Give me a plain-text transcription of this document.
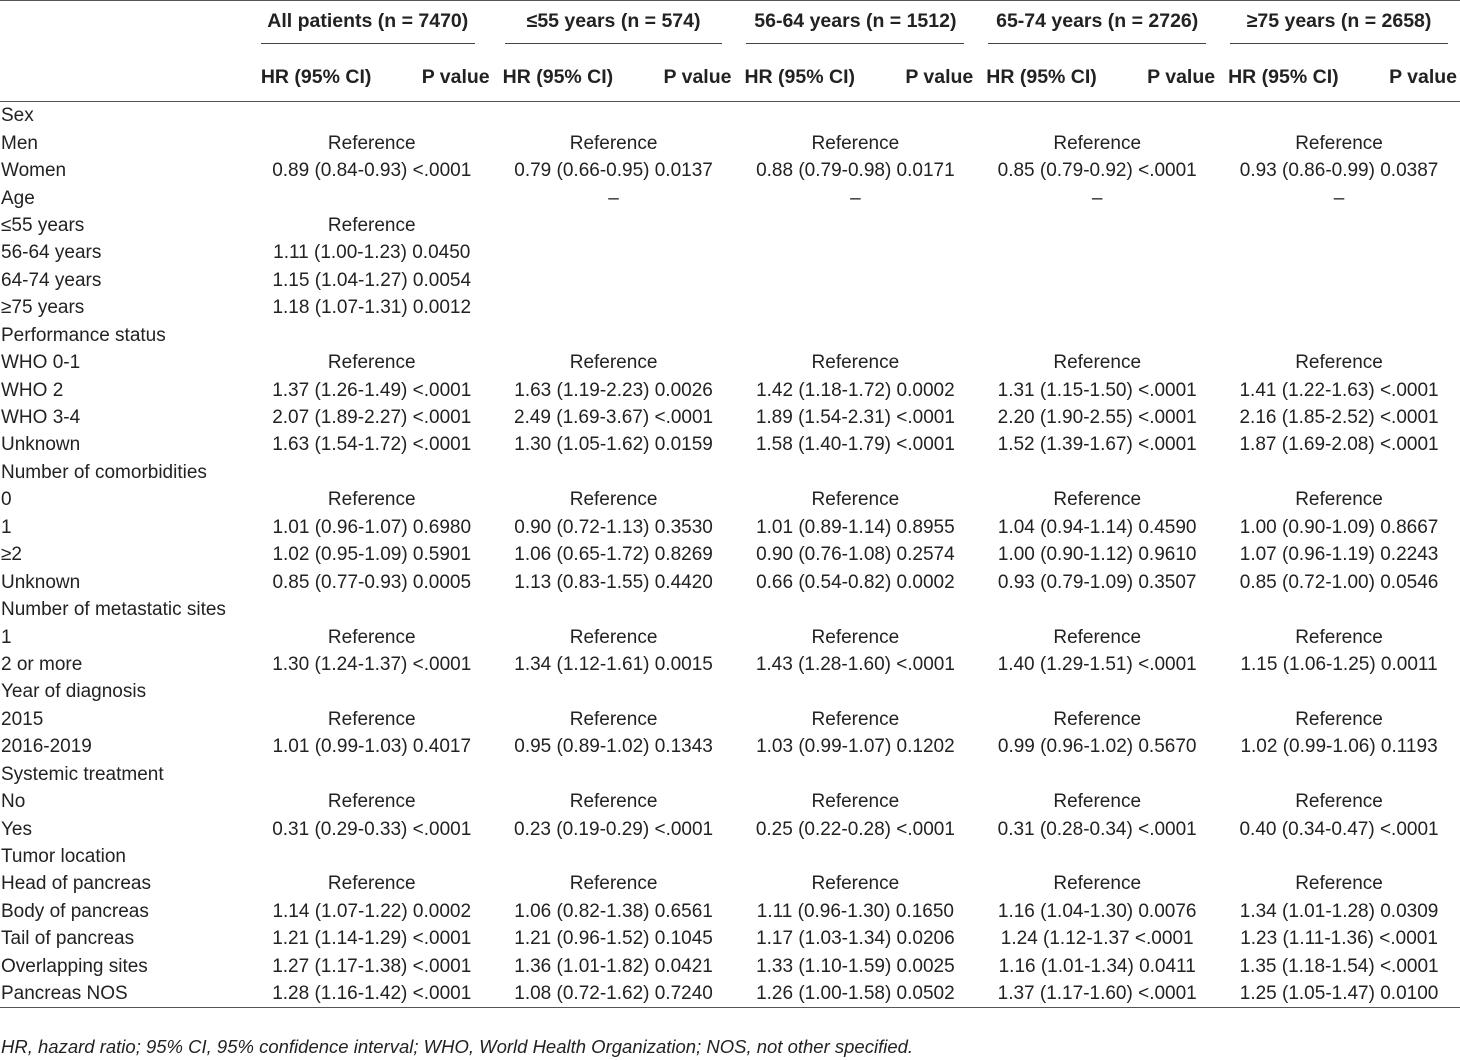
	All patients (n = 7470)		≤55 years (n = 574)		56-64 years (n = 1512)		65-74 years (n = 2726)		≥75 years (n = 2658)	

	HR (95% CI)	P value	HR (95% CI)	P value	HR (95% CI)	P value	HR (95% CI)	P value	HR (95% CI)	P value
Sex										
Men	Reference		Reference		Reference		Reference		Reference	
Women	0.89 (0.84-0.93) <.0001		0.79 (0.66-0.95) 0.0137		0.88 (0.79-0.98) 0.0171		0.85 (0.79-0.92) <.0001		0.93 (0.86-0.99) 0.0387	
Age			–		–		–		–	
≤55 years	Reference									
56-64 years	1.11 (1.00-1.23) 0.0450									
64-74 years	1.15 (1.04-1.27) 0.0054									
≥75 years	1.18 (1.07-1.31) 0.0012									
Performance status										
WHO 0-1	Reference		Reference		Reference		Reference		Reference	
WHO 2	1.37 (1.26-1.49) <.0001		1.63 (1.19-2.23) 0.0026		1.42 (1.18-1.72) 0.0002		1.31 (1.15-1.50) <.0001		1.41 (1.22-1.63) <.0001	
WHO 3-4	2.07 (1.89-2.27) <.0001		2.49 (1.69-3.67) <.0001		1.89 (1.54-2.31) <.0001		2.20 (1.90-2.55) <.0001		2.16 (1.85-2.52) <.0001	
Unknown	1.63 (1.54-1.72) <.0001		1.30 (1.05-1.62) 0.0159		1.58 (1.40-1.79) <.0001		1.52 (1.39-1.67) <.0001		1.87 (1.69-2.08) <.0001	
Number of comorbidities										
0	Reference		Reference		Reference		Reference		Reference	
1	1.01 (0.96-1.07) 0.6980		0.90 (0.72-1.13) 0.3530		1.01 (0.89-1.14) 0.8955		1.04 (0.94-1.14) 0.4590		1.00 (0.90-1.09) 0.8667	
≥2	1.02 (0.95-1.09) 0.5901		1.06 (0.65-1.72) 0.8269		0.90 (0.76-1.08) 0.2574		1.00 (0.90-1.12) 0.9610		1.07 (0.96-1.19) 0.2243	
Unknown	0.85 (0.77-0.93) 0.0005		1.13 (0.83-1.55) 0.4420		0.66 (0.54-0.82) 0.0002		0.93 (0.79-1.09) 0.3507		0.85 (0.72-1.00) 0.0546	
Number of metastatic sites										
1	Reference		Reference		Reference		Reference		Reference	
2 or more	1.30 (1.24-1.37) <.0001		1.34 (1.12-1.61) 0.0015		1.43 (1.28-1.60) <.0001		1.40 (1.29-1.51) <.0001		1.15 (1.06-1.25) 0.0011	
Year of diagnosis										
2015	Reference		Reference		Reference		Reference		Reference	
2016-2019	1.01 (0.99-1.03) 0.4017		0.95 (0.89-1.02) 0.1343		1.03 (0.99-1.07) 0.1202		0.99 (0.96-1.02) 0.5670		1.02 (0.99-1.06) 0.1193	
Systemic treatment										
No	Reference		Reference		Reference		Reference		Reference	
Yes	0.31 (0.29-0.33) <.0001		0.23 (0.19-0.29) <.0001		0.25 (0.22-0.28) <.0001		0.31 (0.28-0.34) <.0001		0.40 (0.34-0.47) <.0001	
Tumor location										
Head of pancreas	Reference		Reference		Reference		Reference		Reference	
Body of pancreas	1.14 (1.07-1.22) 0.0002		1.06 (0.82-1.38) 0.6561		1.11 (0.96-1.30) 0.1650		1.16 (1.04-1.30) 0.0076		1.34 (1.01-1.28) 0.0309	
Tail of pancreas	1.21 (1.14-1.29) <.0001		1.21 (0.96-1.52) 0.1045		1.17 (1.03-1.34) 0.0206		1.24 (1.12-1.37 <.0001		1.23 (1.11-1.36) <.0001	
Overlapping sites	1.27 (1.17-1.38) <.0001		1.36 (1.01-1.82) 0.0421		1.33 (1.10-1.59) 0.0025		1.16 (1.01-1.34) 0.0411		1.35 (1.18-1.54) <.0001	
Pancreas NOS	1.28 (1.16-1.42) <.0001		1.08 (0.72-1.62) 0.7240		1.26 (1.00-1.58) 0.0502		1.37 (1.17-1.60) <.0001		1.25 (1.05-1.47) 0.0100	
HR, hazard ratio; 95% CI, 95% confidence interval; WHO, World Health Organization; NOS, not other specified.
